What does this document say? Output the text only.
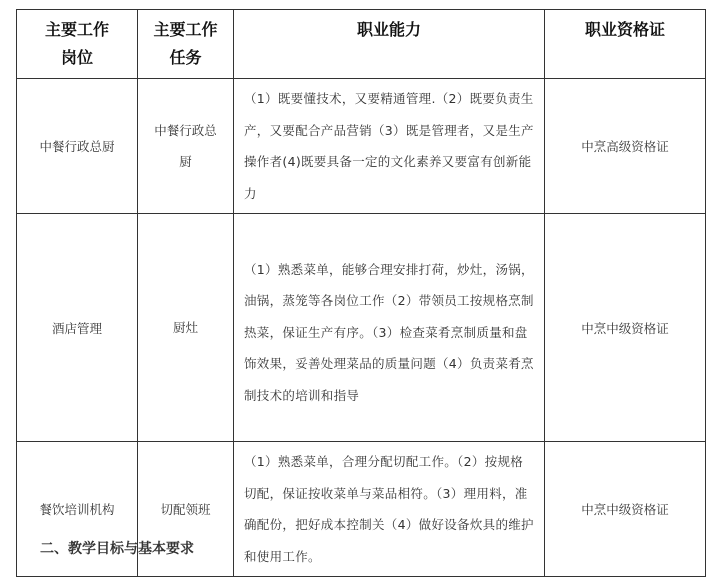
主要工作岗位	主要工作任务	职业能力	职业资格证
中餐行政总厨	中餐行政总厨	（1）既要懂技术，又要精通管理.（2）既要负责生产，又要配合产品营销（3）既是管理者，又是生产操作者(4)既要具备一定的文化素养又要富有创新能力	中烹高级资格证
酒店管理	厨灶	（1）熟悉菜单，能够合理安排打荷，炒灶，汤锅，油锅，蒸笼等各岗位工作（2）带领员工按规格烹制热菜，保证生产有序。（3）检查菜肴烹制质量和盘饰效果，妥善处理菜品的质量问题（4）负责菜肴烹制技术的培训和指导	中烹中级资格证
餐饮培训机构	切配领班	（1）熟悉菜单，合理分配切配工作。（2）按规格切配，保证按收菜单与菜品相符。（3）理用料，准确配份，把好成本控制关（4）做好设备炊具的维护和使用工作。	中烹中级资格证
二、教学目标与基本要求
